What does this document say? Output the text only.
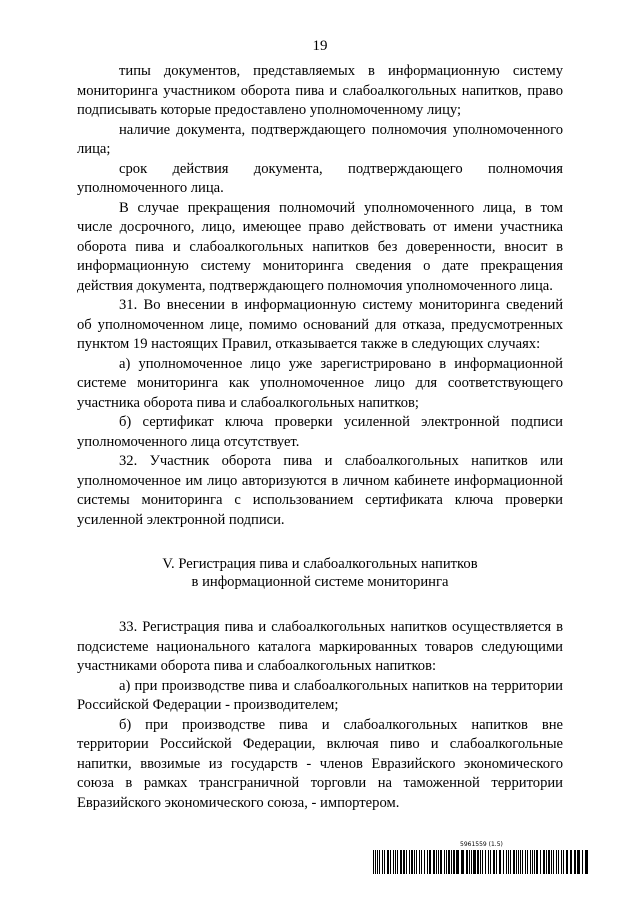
19

типы документов, представляемых в информационную систему мониторинга участником оборота пива и слабоалкогольных напитков, право подписывать которые предоставлено уполномоченному лицу;

наличие документа, подтверждающего полномочия уполномоченного лица;

срок действия документа, подтверждающего полномочия уполномоченного лица.

В случае прекращения полномочий уполномоченного лица, в том числе досрочного, лицо, имеющее право действовать от имени участника оборота пива и слабоалкогольных напитков без доверенности, вносит в информационную систему мониторинга сведения о дате прекращения действия документа, подтверждающего полномочия уполномоченного лица.

31. Во внесении в информационную систему мониторинга сведений об уполномоченном лице, помимо оснований для отказа, предусмотренных пунктом 19 настоящих Правил, отказывается также в следующих случаях:

а) уполномоченное лицо уже зарегистрировано в информационной системе мониторинга как уполномоченное лицо для соответствующего участника оборота пива и слабоалкогольных напитков;

б) сертификат ключа проверки усиленной электронной подписи уполномоченного лица отсутствует.

32. Участник оборота пива и слабоалкогольных напитков или уполномоченное им лицо авторизуются в личном кабинете информационной системы мониторинга с использованием сертификата ключа проверки усиленной электронной подписи.

V. Регистрация пива и слабоалкогольных напитков

в информационной системе мониторинга

33. Регистрация пива и слабоалкогольных напитков осуществляется в подсистеме национального каталога маркированных товаров следующими участниками оборота пива и слабоалкогольных напитков:

а) при производстве пива и слабоалкогольных напитков на территории Российской Федерации - производителем;

б) при производстве пива и слабоалкогольных напитков вне территории Российской Федерации, включая пиво и слабоалкогольные напитки, ввозимые из государств - членов Евразийского экономического союза в рамках трансграничной торговли на таможенной территории Евразийского экономического союза, - импортером.

5961559 (1.5)
